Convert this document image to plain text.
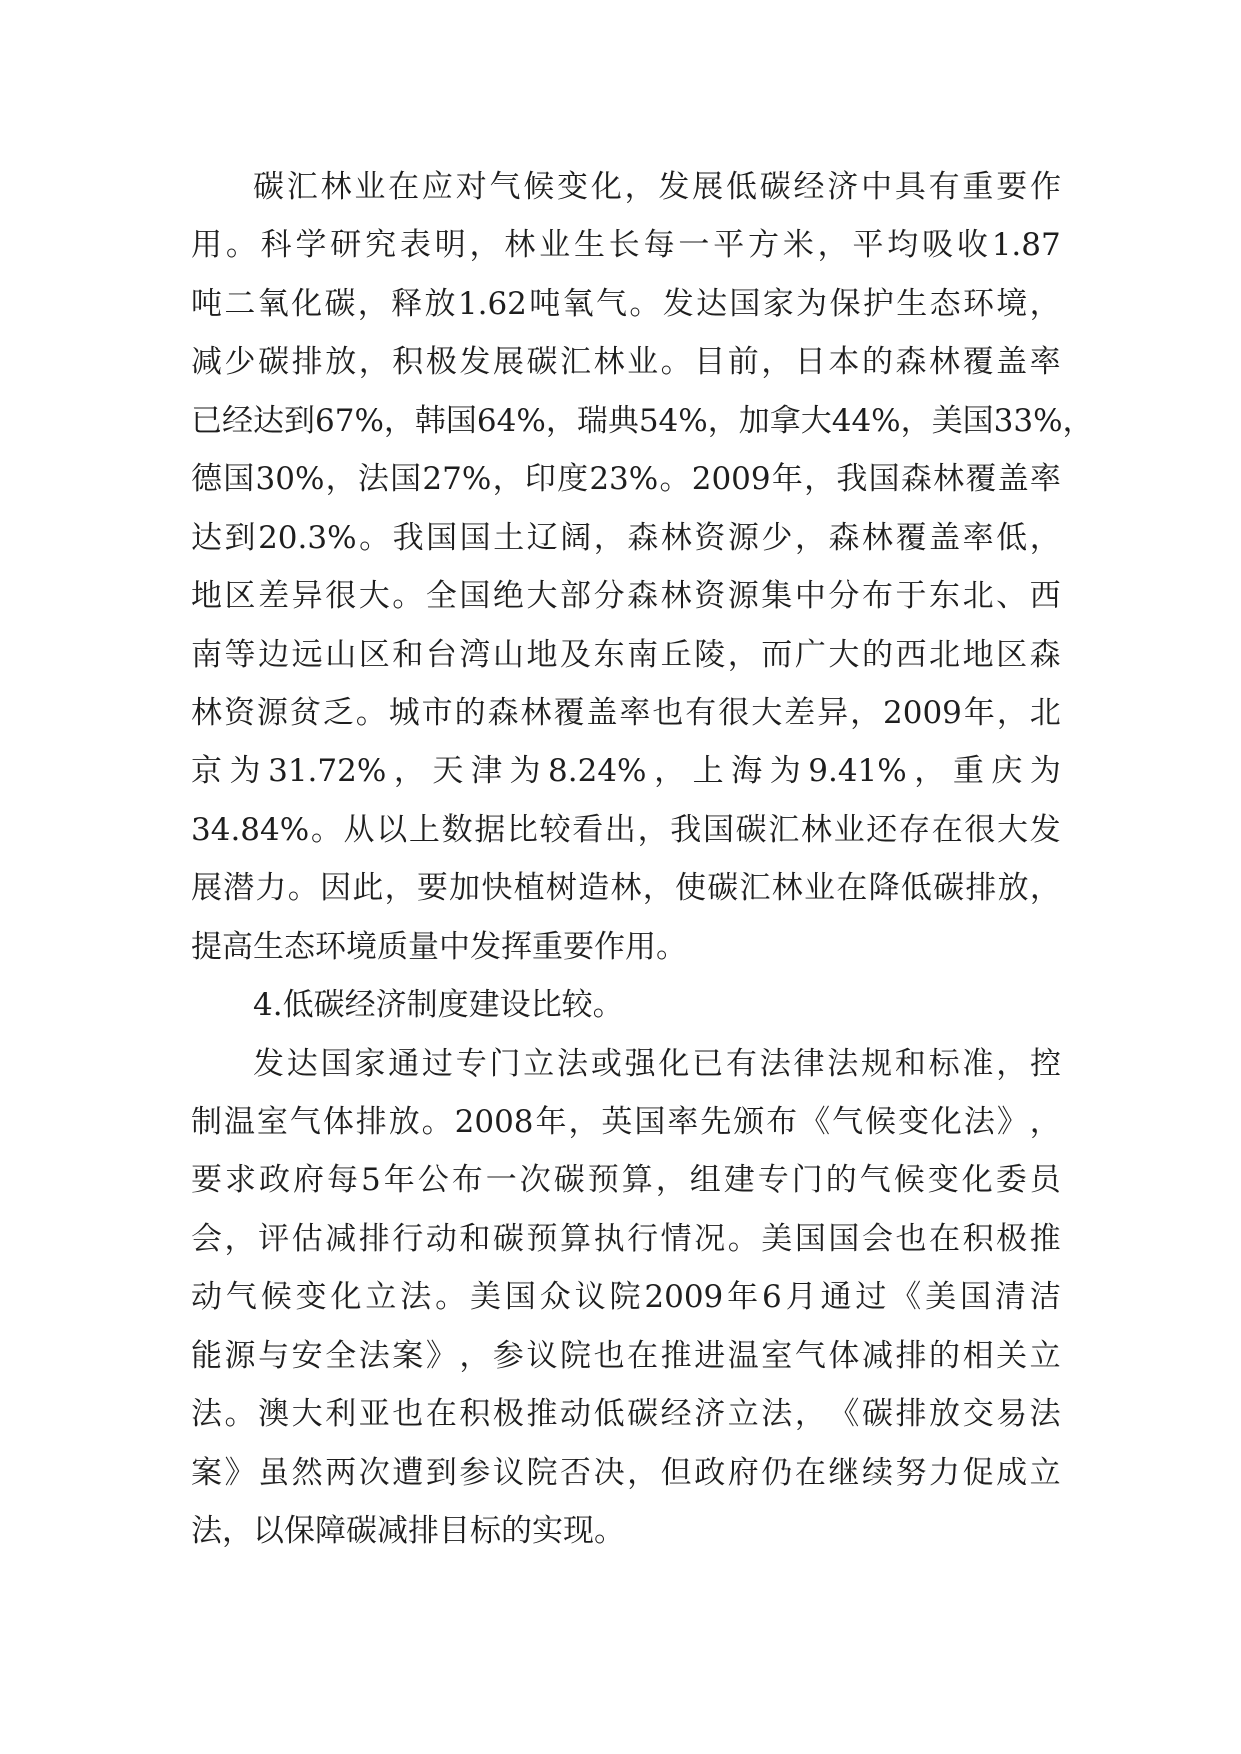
碳 汇 林 业 在 应 对 气 候 变 化 ， 发 展 低 碳 经 济 中 具 有 重 要 作
用 。 科 学 研 究 表 明 ， 林 业 生 长 每 一 平 方 米 ， 平 均 吸 收 1.87
吨 二 氧 化 碳 ， 释 放 1.62 吨 氧 气 。 发 达 国 家 为 保 护 生 态 环 境 ，
减 少 碳 排 放 ， 积 极 发 展 碳 汇 林 业 。 目 前 ， 日 本 的 森 林 覆 盖 率
已 经 达 到 67% ， 韩 国 64% ， 瑞 典 54% ， 加 拿 大 44% ， 美 国 33% ，
德 国 30% ， 法 国 27% ， 印 度 23% 。 2009 年 ， 我 国 森 林 覆 盖 率
达 到 20.3% 。 我 国 国 土 辽 阔 ， 森 林 资 源 少 ， 森 林 覆 盖 率 低 ，
地 区 差 异 很 大 。 全 国 绝 大 部 分 森 林 资 源 集 中 分 布 于 东 北 、 西
南 等 边 远 山 区 和 台 湾 山 地 及 东 南 丘 陵 ， 而 广 大 的 西 北 地 区 森
林 资 源 贫 乏 。 城 市 的 森 林 覆 盖 率 也 有 很 大 差 异 ， 2009 年 ， 北
京 为 31.72% ， 天 津 为 8.24% ， 上 海 为 9.41% ， 重 庆 为
34.84% 。 从 以 上 数 据 比 较 看 出 ， 我 国 碳 汇 林 业 还 存 在 很 大 发
展 潜 力 。 因 此 ， 要 加 快 植 树 造 林 ， 使 碳 汇 林 业 在 降 低 碳 排 放 ，
提高生态环境质量中发挥重要作用。
4.低碳经济制度建设比较。
发 达 国 家 通 过 专 门 立 法 或 强 化 已 有 法 律 法 规 和 标 准 ， 控
制 温 室 气 体 排 放 。 2008 年 ， 英 国 率 先 颁 布 《 气 候 变 化 法 》 ，
要 求 政 府 每 5 年 公 布 一 次 碳 预 算 ， 组 建 专 门 的 气 候 变 化 委 员
会 ， 评 估 减 排 行 动 和 碳 预 算 执 行 情 况 。 美 国 国 会 也 在 积 极 推
动 气 候 变 化 立 法 。 美 国 众 议 院 2009 年 6 月 通 过 《 美 国 清 洁
能 源 与 安 全 法 案 》 ， 参 议 院 也 在 推 进 温 室 气 体 减 排 的 相 关 立
法 。 澳 大 利 亚 也 在 积 极 推 动 低 碳 经 济 立 法 ， 《 碳 排 放 交 易 法
案 》 虽 然 两 次 遭 到 参 议 院 否 决 ， 但 政 府 仍 在 继 续 努 力 促 成 立
法，以保障碳减排目标的实现。
